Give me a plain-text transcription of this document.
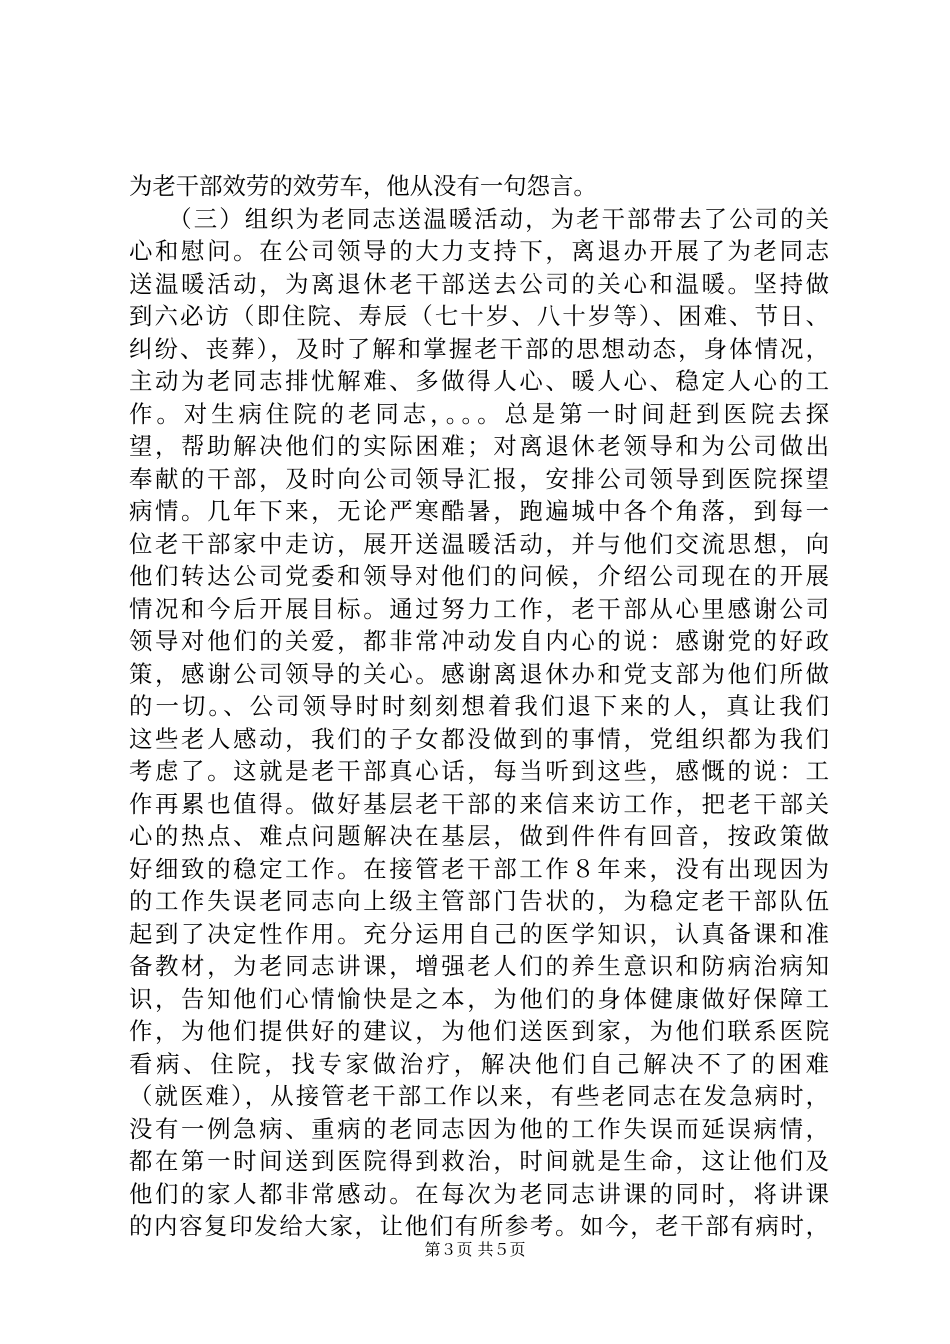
为老干部效劳的效劳车，他从没有一句怨言。
　　（三）组织为老同志送温暖活动，为老干部带去了公司的关
心和慰问。在公司领导的大力支持下，离退办开展了为老同志
送温暖活动，为离退休老干部送去公司的关心和温暖。坚持做
到六必访（即住院、寿辰（七十岁、八十岁等）、困难、节日、
纠纷、丧葬），及时了解和掌握老干部的思想动态，身体情况，
主动为老同志排忧解难、多做得人心、暖人心、稳定人心的工
作。对生病住院的老同志，。。。总是第一时间赶到医院去探
望，帮助解决他们的实际困难；对离退休老领导和为公司做出
奉献的干部，及时向公司领导汇报，安排公司领导到医院探望
病情。几年下来，无论严寒酷暑，跑遍城中各个角落，到每一
位老干部家中走访，展开送温暖活动，并与他们交流思想，向
他们转达公司党委和领导对他们的问候，介绍公司现在的开展
情况和今后开展目标。通过努力工作，老干部从心里感谢公司
领导对他们的关爱，都非常冲动发自内心的说：感谢党的好政
策，感谢公司领导的关心。感谢离退休办和党支部为他们所做
的一切。、公司领导时时刻刻想着我们退下来的人，真让我们
这些老人感动，我们的子女都没做到的事情，党组织都为我们
考虑了。这就是老干部真心话，每当听到这些，感慨的说：工
作再累也值得。做好基层老干部的来信来访工作，把老干部关
心的热点、难点问题解决在基层，做到件件有回音，按政策做
好细致的稳定工作。在接管老干部工作８年来，没有出现因为
的工作失误老同志向上级主管部门告状的，为稳定老干部队伍
起到了决定性作用。充分运用自己的医学知识，认真备课和准
备教材，为老同志讲课，增强老人们的养生意识和防病治病知
识，告知他们心情愉快是之本，为他们的身体健康做好保障工
作，为他们提供好的建议，为他们送医到家，为他们联系医院
看病、住院，找专家做治疗，解决他们自己解决不了的困难
（就医难），从接管老干部工作以来，有些老同志在发急病时，
没有一例急病、重病的老同志因为他的工作失误而延误病情，
都在第一时间送到医院得到救治，时间就是生命，这让他们及
他们的家人都非常感动。在每次为老同志讲课的同时，将讲课
的内容复印发给大家，让他们有所参考。如今，老干部有病时，
第３页 共５页
